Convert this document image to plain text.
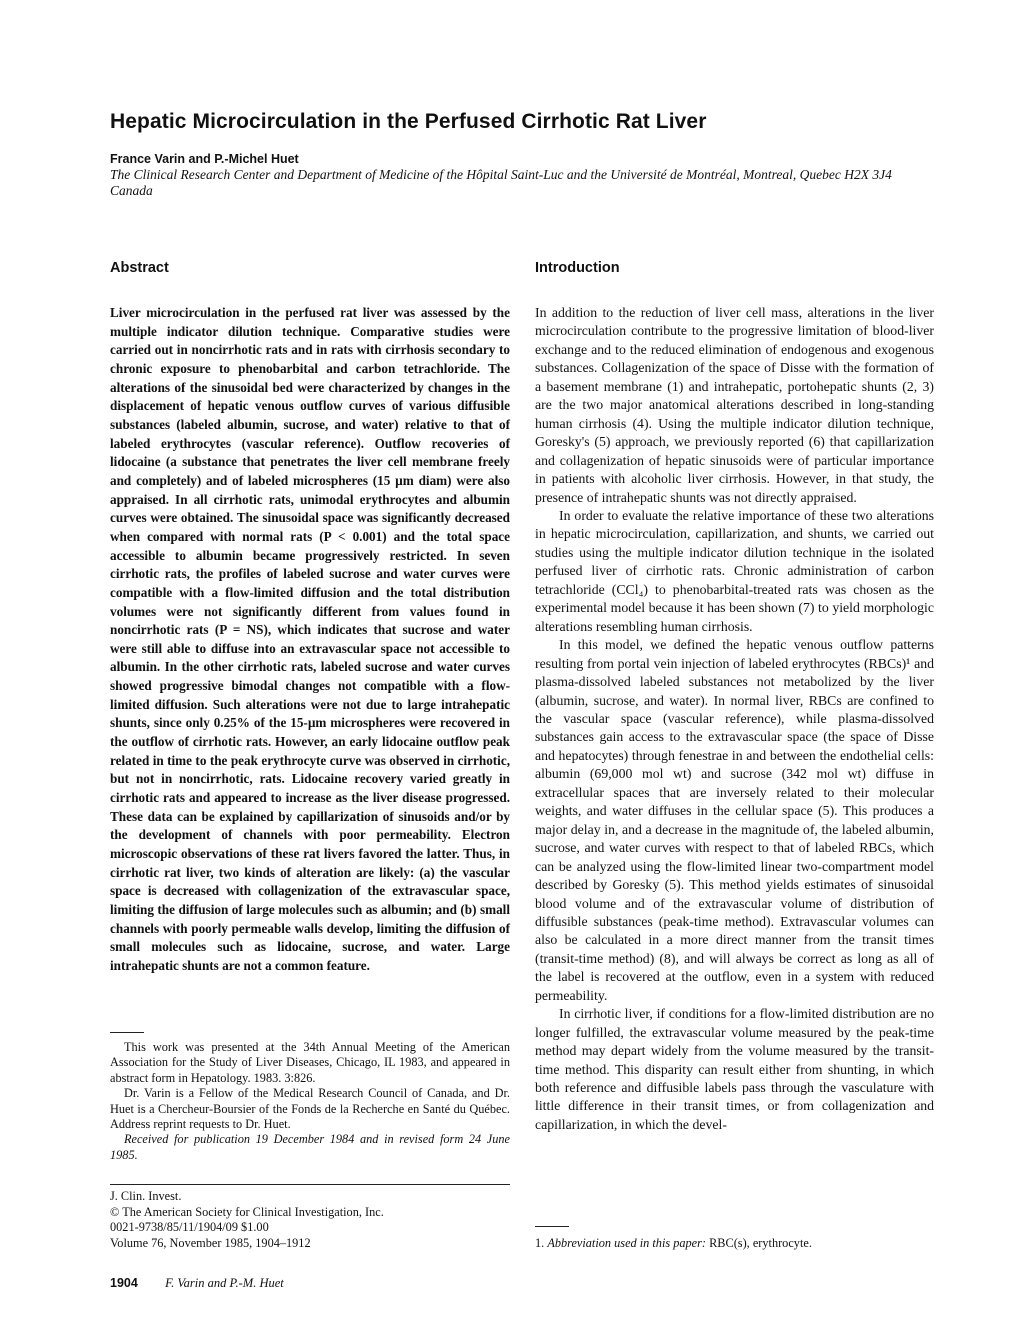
Hepatic Microcirculation in the Perfused Cirrhotic Rat Liver
France Varin and P.-Michel Huet
The Clinical Research Center and Department of Medicine of the Hôpital Saint-Luc and the Université de Montréal, Montreal, Quebec H2X 3J4 Canada
Abstract

Liver microcirculation in the perfused rat liver was assessed by the multiple indicator dilution technique. Comparative studies were carried out in noncirrhotic rats and in rats with cirrhosis secondary to chronic exposure to phenobarbital and carbon tetrachloride. The alterations of the sinusoidal bed were characterized by changes in the displacement of hepatic venous outflow curves of various diffusible substances (labeled albumin, sucrose, and water) relative to that of labeled erythrocytes (vascular reference). Outflow recoveries of lidocaine (a substance that penetrates the liver cell membrane freely and completely) and of labeled microspheres (15 µm diam) were also appraised. In all cirrhotic rats, unimodal erythrocytes and albumin curves were obtained. The sinusoidal space was significantly decreased when compared with normal rats (P < 0.001) and the total space accessible to albumin became progressively restricted. In seven cirrhotic rats, the profiles of labeled sucrose and water curves were compatible with a flow-limited diffusion and the total distribution volumes were not significantly different from values found in noncirrhotic rats (P = NS), which indicates that sucrose and water were still able to diffuse into an extravascular space not accessible to albumin. In the other cirrhotic rats, labeled sucrose and water curves showed progressive bimodal changes not compatible with a flow-limited diffusion. Such alterations were not due to large intrahepatic shunts, since only 0.25% of the 15-µm microspheres were recovered in the outflow of cirrhotic rats. However, an early lidocaine outflow peak related in time to the peak erythrocyte curve was observed in cirrhotic, but not in noncirrhotic, rats. Lidocaine recovery varied greatly in cirrhotic rats and appeared to increase as the liver disease progressed. These data can be explained by capillarization of sinusoids and/or by the development of channels with poor permeability. Electron microscopic observations of these rat livers favored the latter. Thus, in cirrhotic rat liver, two kinds of alteration are likely: (a) the vascular space is decreased with collagenization of the extravascular space, limiting the diffusion of large molecules such as albumin; and (b) small channels with poorly permeable walls develop, limiting the diffusion of small molecules such as lidocaine, sucrose, and water. Large intrahepatic shunts are not a common feature.

This work was presented at the 34th Annual Meeting of the American Association for the Study of Liver Diseases, Chicago, IL 1983, and appeared in abstract form in Hepatology. 1983. 3:826.

Dr. Varin is a Fellow of the Medical Research Council of Canada, and Dr. Huet is a Chercheur-Boursier of the Fonds de la Recherche en Santé du Québec. Address reprint requests to Dr. Huet.

Received for publication 19 December 1984 and in revised form 24 June 1985.

J. Clin. Invest.
© The American Society for Clinical Investigation, Inc.
0021-9738/85/11/1904/09 $1.00
Volume 76, November 1985, 1904–1912
Introduction

In addition to the reduction of liver cell mass, alterations in the liver microcirculation contribute to the progressive limitation of blood-liver exchange and to the reduced elimination of endogenous and exogenous substances. Collagenization of the space of Disse with the formation of a basement membrane (1) and intrahepatic, portohepatic shunts (2, 3) are the two major anatomical alterations described in long-standing human cirrhosis (4). Using the multiple indicator dilution technique, Goresky's (5) approach, we previously reported (6) that capillarization and collagenization of hepatic sinusoids were of particular importance in patients with alcoholic liver cirrhosis. However, in that study, the presence of intrahepatic shunts was not directly appraised.

In order to evaluate the relative importance of these two alterations in hepatic microcirculation, capillarization, and shunts, we carried out studies using the multiple indicator dilution technique in the isolated perfused liver of cirrhotic rats. Chronic administration of carbon tetrachloride (CCl₄) to phenobarbital-treated rats was chosen as the experimental model because it has been shown (7) to yield morphologic alterations resembling human cirrhosis.

In this model, we defined the hepatic venous outflow patterns resulting from portal vein injection of labeled erythrocytes (RBCs)¹ and plasma-dissolved labeled substances not metabolized by the liver (albumin, sucrose, and water). In normal liver, RBCs are confined to the vascular space (vascular reference), while plasma-dissolved substances gain access to the extravascular space (the space of Disse and hepatocytes) through fenestrae in and between the endothelial cells: albumin (69,000 mol wt) and sucrose (342 mol wt) diffuse in extracellular spaces that are inversely related to their molecular weights, and water diffuses in the cellular space (5). This produces a major delay in, and a decrease in the magnitude of, the labeled albumin, sucrose, and water curves with respect to that of labeled RBCs, which can be analyzed using the flow-limited linear two-compartment model described by Goresky (5). This method yields estimates of sinusoidal blood volume and of the extravascular volume of distribution of diffusible substances (peak-time method). Extravascular volumes can also be calculated in a more direct manner from the transit times (transit-time method) (8), and will always be correct as long as all of the label is recovered at the outflow, even in a system with reduced permeability.

In cirrhotic liver, if conditions for a flow-limited distribution are no longer fulfilled, the extravascular volume measured by the peak-time method may depart widely from the volume measured by the transit-time method. This disparity can result either from shunting, in which both reference and diffusible labels pass through the vasculature with little difference in their transit times, or from collagenization and capillarization, in which the devel-

1. Abbreviation used in this paper: RBC(s), erythrocyte.
1904 F. Varin and P.-M. Huet
